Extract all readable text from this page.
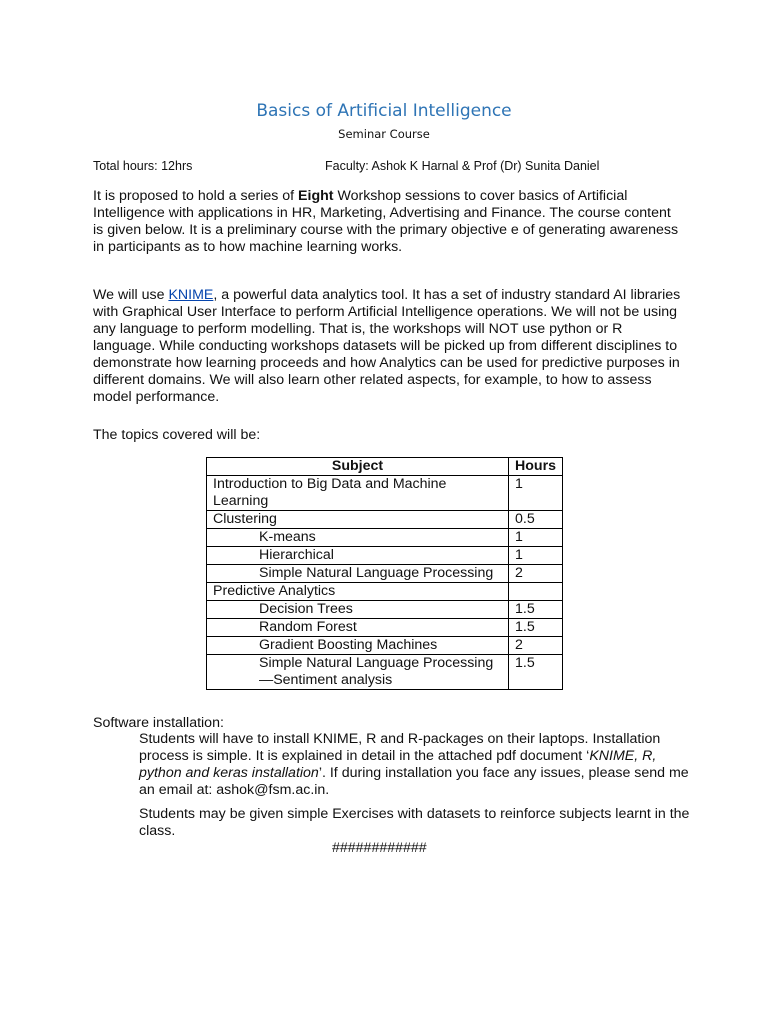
Basics of Artificial Intelligence
Seminar Course
Total hours: 12hrs	Faculty: Ashok K Harnal & Prof (Dr) Sunita Daniel

It is proposed to hold a series of Eight Workshop sessions to cover basics of Artificial Intelligence with applications in HR, Marketing, Advertising and Finance. The course content is given below. It is a preliminary course with the primary objective e of generating awareness in participants as to how machine learning works.

We will use KNIME, a powerful data analytics tool. It has a set of industry standard AI libraries with Graphical User Interface to perform Artificial Intelligence operations. We will not be using any language to perform modelling. That is, the workshops will NOT use python or R language. While conducting workshops datasets will be picked up from different disciplines to demonstrate how learning proceeds and how Analytics can be used for predictive purposes in different domains. We will also learn other related aspects, for example, to how to assess model performance.

The topics covered will be:

Subject	Hours
Introduction to Big Data and Machine Learning	1
Clustering	0.5
K-means	1
Hierarchical	1
Simple Natural Language Processing	2
Predictive Analytics	
Decision Trees	1.5
Random Forest	1.5
Gradient Boosting Machines	2
Simple Natural Language Processing—Sentiment analysis	1.5
Software installation:

Students will have to install KNIME, R and R-packages on their laptops. Installation process is simple. It is explained in detail in the attached pdf document ‘KNIME, R, python and keras installation’. If during installation you face any issues, please send me an email at: ashok@fsm.ac.in.

Students may be given simple Exercises with datasets to reinforce subjects learnt in the class.

############
